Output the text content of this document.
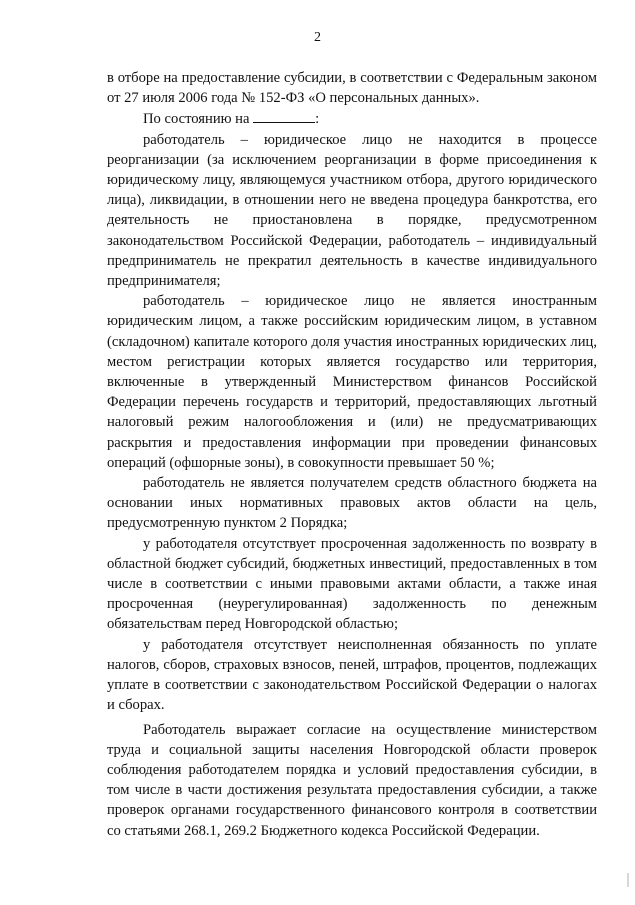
2

в отборе на предоставление субсидии, в соответствии с Федеральным законом от 27 июля 2006 года № 152-ФЗ «О персональных данных».

По состоянию на	:

работодатель – юридическое лицо не находится в процессе реорганизации (за исключением реорганизации в форме присоединения к юридическому лицу, являющемуся участником отбора, другого юридического лица), ликвидации, в отношении него не введена процедура банкротства, его деятельность не приостановлена в порядке, предусмотренном законодательством Российской Федерации, работодатель – индивидуальный предприниматель не прекратил деятельность в качестве индивидуального предпринимателя;

работодатель – юридическое лицо не является иностранным юридическим лицом, а также российским юридическим лицом, в уставном (складочном) капитале которого доля участия иностранных юридических лиц, местом регистрации которых является государство или территория, включенные в утвержденный Министерством финансов Российской Федерации перечень государств и территорий, предоставляющих льготный налоговый режим налогообложения и (или) не предусматривающих раскрытия и предоставления информации при проведении финансовых операций (офшорные зоны), в совокупности превышает 50 %;

работодатель не является получателем средств областного бюджета на основании иных нормативных правовых актов области на цель, предусмотренную пунктом 2 Порядка;

у работодателя отсутствует просроченная задолженность по возврату в областной бюджет субсидий, бюджетных инвестиций, предоставленных в том числе в соответствии с иными правовыми актами области, а также иная просроченная (неурегулированная) задолженность по денежным обязательствам перед Новгородской областью;

у работодателя отсутствует неисполненная обязанность по уплате налогов, сборов, страховых взносов, пеней, штрафов, процентов, подлежащих уплате в соответствии с законодательством Российской Федерации о налогах и сборах.

Работодатель выражает согласие на осуществление министерством труда и социальной защиты населения Новгородской области проверок соблюдения работодателем порядка и условий предоставления субсидии, в том числе в части достижения результата предоставления субсидии, а также проверок органами государственного финансового контроля в соответствии со статьями 268.1, 269.2 Бюджетного кодекса Российской Федерации.
